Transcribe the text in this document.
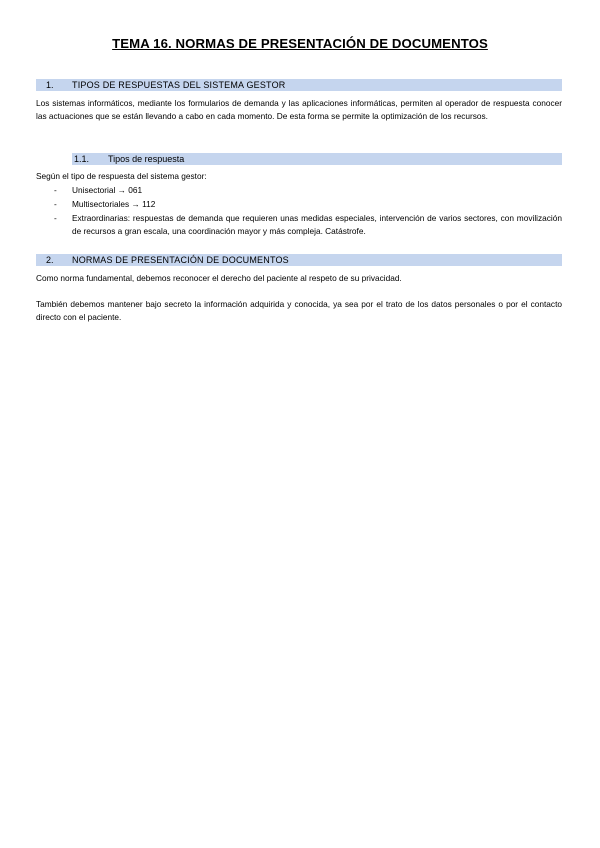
TEMA 16. NORMAS DE PRESENTACIÓN DE DOCUMENTOS
1. TIPOS DE RESPUESTAS DEL SISTEMA GESTOR
Los sistemas informáticos, mediante los formularios de demanda y las aplicaciones informáticas, permiten al operador de respuesta conocer las actuaciones que se están llevando a cabo en cada momento. De esta forma se permite la optimización de los recursos.
1.1. Tipos de respuesta
Según el tipo de respuesta del sistema gestor:
- Unisectorial → 061
- Multisectoriales → 112
- Extraordinarias: respuestas de demanda que requieren unas medidas especiales, intervención de varios sectores, con movilización de recursos a gran escala, una coordinación mayor y más compleja. Catástrofe.
2. NORMAS DE PRESENTACIÓN DE DOCUMENTOS
Como norma fundamental, debemos reconocer el derecho del paciente al respeto de su privacidad.
También debemos mantener bajo secreto la información adquirida y conocida, ya sea por el trato de los datos personales o por el contacto directo con el paciente.
